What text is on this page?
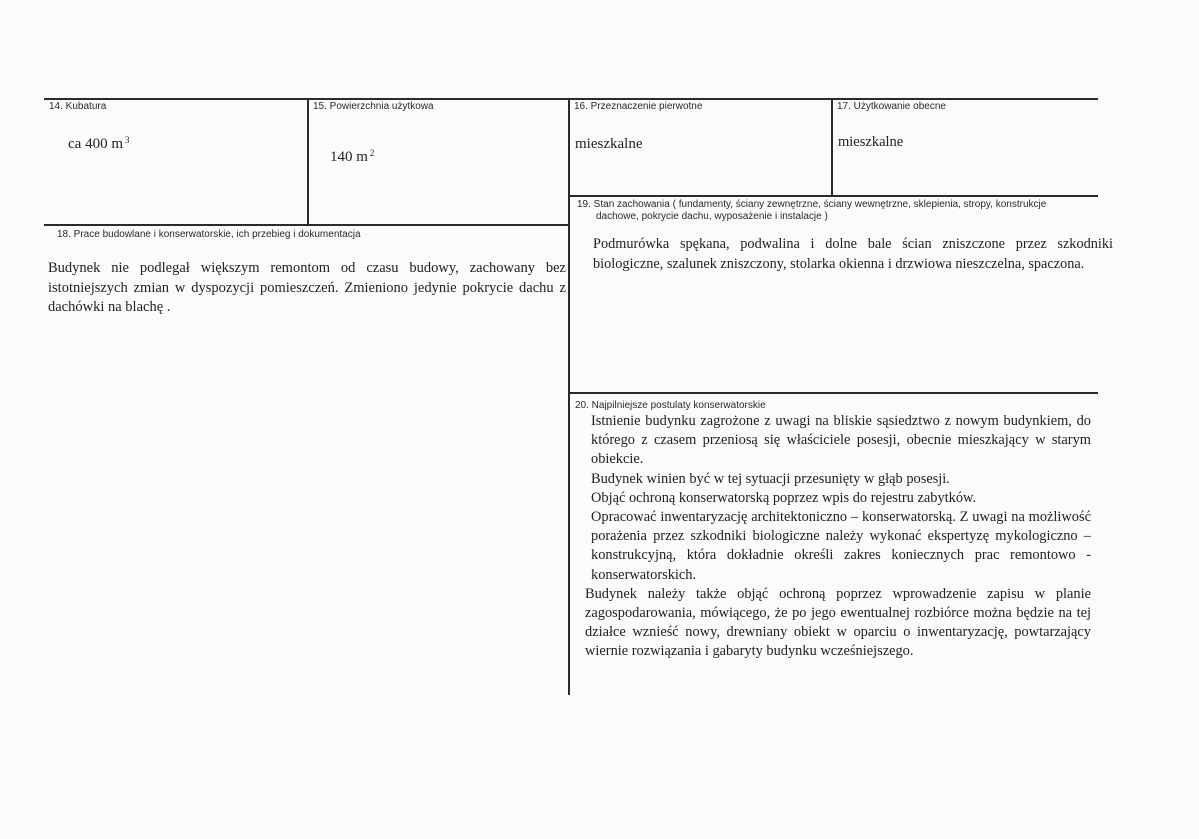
14. Kubatura
ca 400 m $^3$
15. Powierzchnia użytkowa
140 m $^2$
16. Przeznaczenie pierwotne
mieszkalne
17. Użytkowanie obecne
mieszkalne
19. Stan zachowania ( fundamenty, ściany zewnętrzne, ściany wewnętrzne, sklepienia, stropy, konstrukcje
dachowe, pokrycie dachu, wyposażenie i instalacje )

Podmurówka spękana, podwalina i dolne bale ścian zniszczone przez szkodniki biologiczne, szalunek zniszczony, stolarka okienna i drzwiowa nieszczelna, spaczona.

18. Prace budowlane i konserwatorskie, ich przebieg i dokumentacja

Budynek nie podlegał większym remontom od czasu budowy, zachowany bez istotniejszych zmian w dyspozycji pomieszczeń. Zmieniono jedynie pokrycie dachu z dachówki na blachę .

20. Najpilniejsze postulaty konserwatorskie

Istnienie budynku zagrożone z uwagi na bliskie sąsiedztwo z nowym budynkiem, do którego z czasem przeniosą się właściciele posesji, obecnie mieszkający w starym obiekcie.

Budynek winien być w tej sytuacji przesunięty w głąb posesji.

Objąć ochroną konserwatorską poprzez wpis do rejestru zabytków.

Opracować inwentaryzację architektoniczno – konserwatorską. Z uwagi na możliwość porażenia przez szkodniki biologiczne należy wykonać ekspertyzę mykologiczno – konstrukcyjną, która dokładnie określi zakres koniecznych prac remontowo - konserwatorskich.

Budynek należy także objąć ochroną poprzez wprowadzenie zapisu w planie zagospodarowania, mówiącego, że po jego ewentualnej rozbiórce można będzie na tej działce wznieść nowy, drewniany obiekt w oparciu o inwentaryzację, powtarzający wiernie rozwiązania i gabaryty budynku wcześniejszego.
